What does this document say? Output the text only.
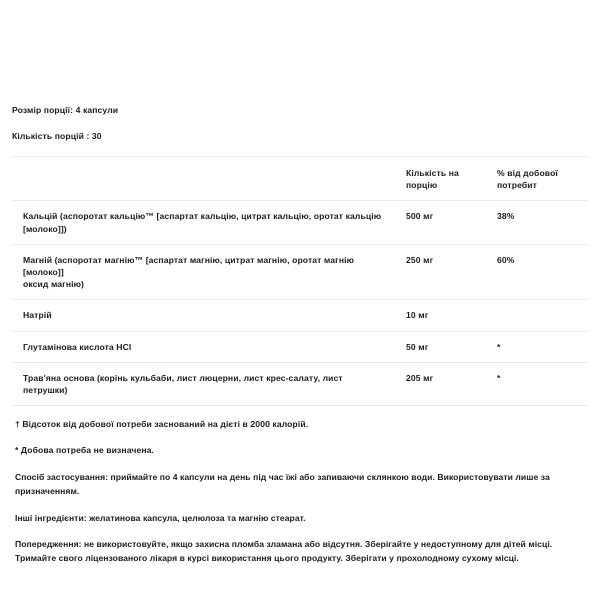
Розмір порції: 4 капсули

Кількість порцій : 30

	Кількість на порцію	% від добової потребит

Кальцій (аспоротат кальцію™ [аспартат кальцію, цитрат кальцію, оротат кальцію
[молоко]])	500 мг	38%

Магній (аспоротат магнію™ [аспартат магнію, цитрат магнію, оротат магнію
[молоко]]
оксид магнію)	250 мг	60%

Натрій	10 мг	

Глутамінова кислота HCl	50 мг	*

Трав'яна основа (корінь кульбаби, лист люцерни, лист крес-салату, лист
петрушки)	205 мг	*

† Відсоток від добової потреби заснований на дієті в 2000 калорій.

* Добова потреба не визначена.

Спосіб застосування: приймайте по 4 капсули на день під час їжі або запиваючи склянкою води. Використовувати лише за призначенням.

Інші інгредієнти: желатинова капсула, целюлоза та магнію стеарат.

Попередження: не використовуйте, якщо захисна пломба зламана або відсутня. Зберігайте у недоступному для дітей місці. Тримайте свого ліцензованого лікаря в курсі використання цього продукту. Зберігати у прохолодному сухому місці.
